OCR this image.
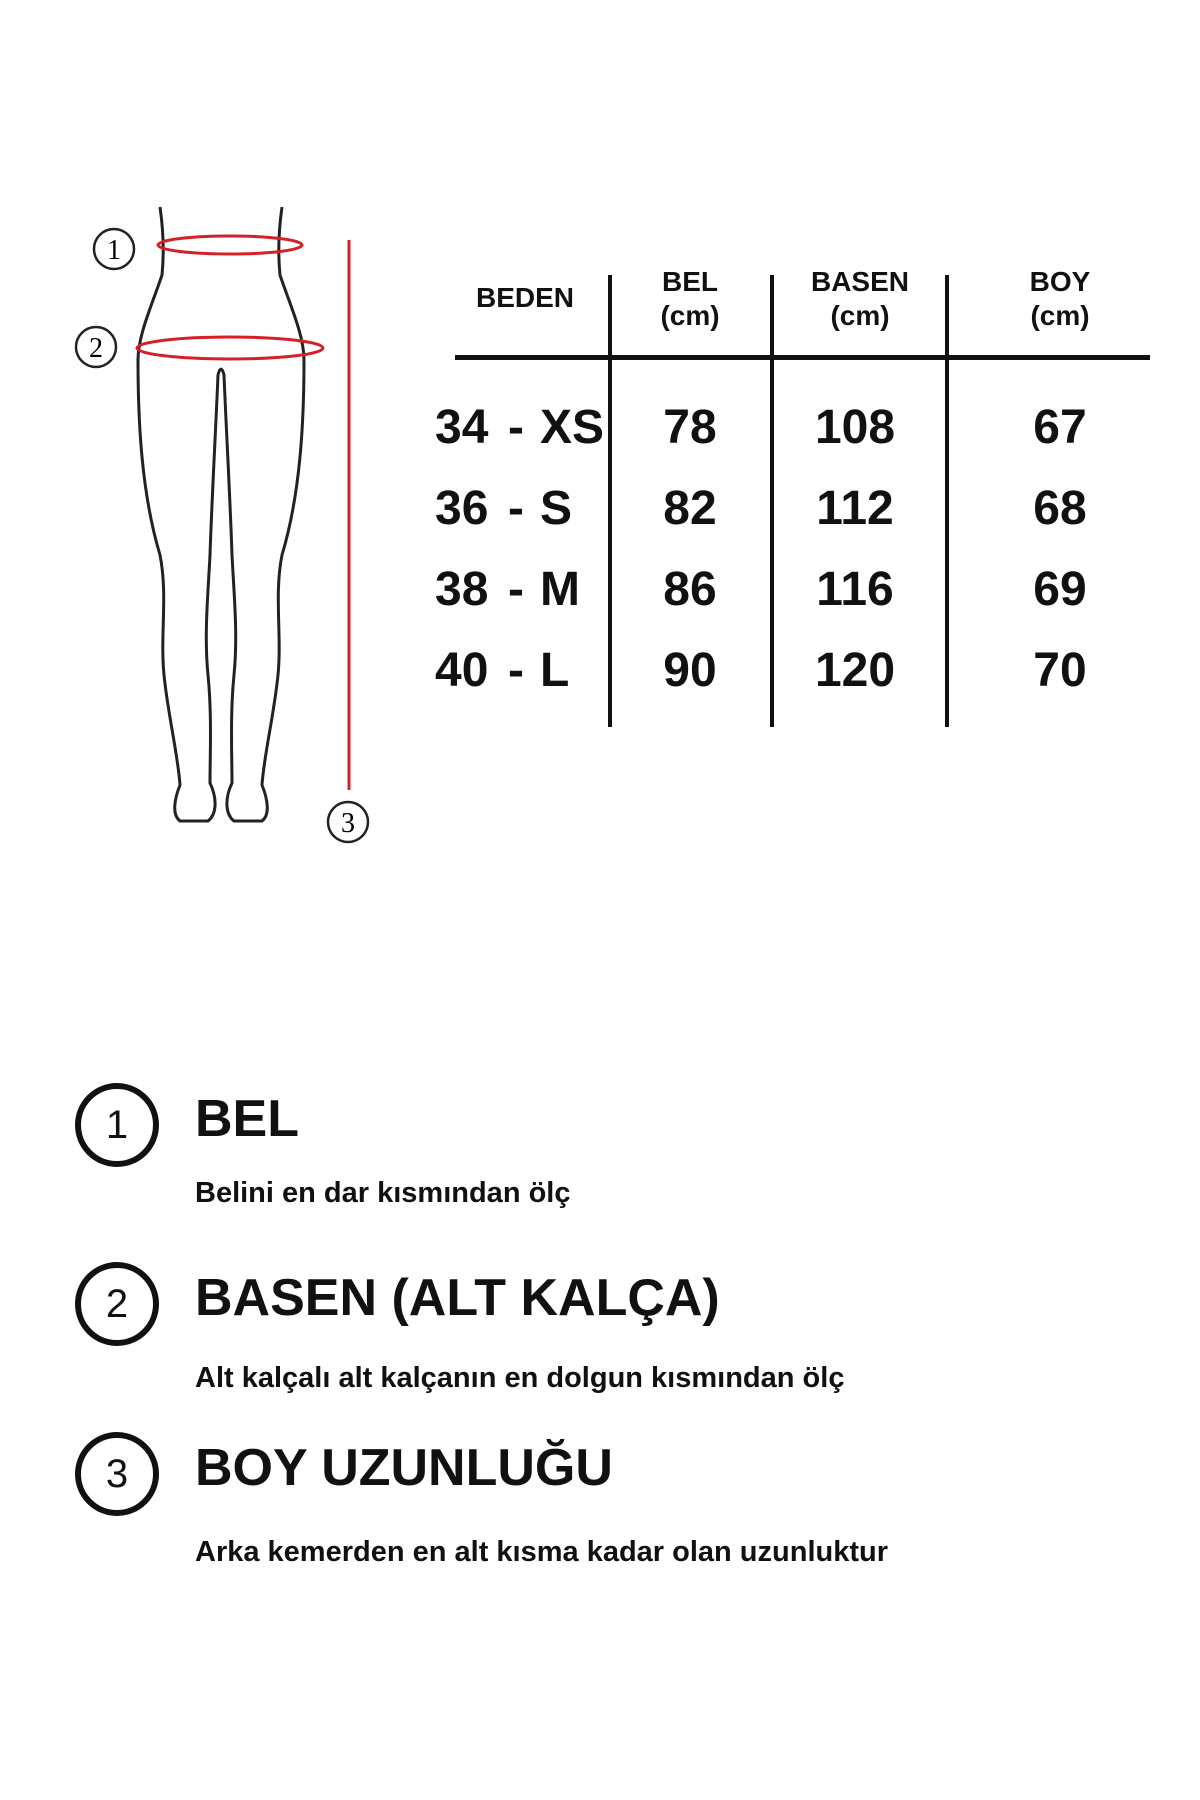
1
2
3
BEDEN
BEL
(cm)
BASEN
(cm)
BOY
(cm)
34 - XS	78	108	67
36 - S	82	112	68
38 - M	86	116	69
40 - L	90	120	70
1 BEL
Belini en dar kısmından ölç
2 BASEN (ALT KALÇA)
Alt kalçalı alt kalçanın en dolgun kısmından ölç
3 BOY UZUNLUĞU
Arka kemerden en alt kısma kadar olan uzunluktur
